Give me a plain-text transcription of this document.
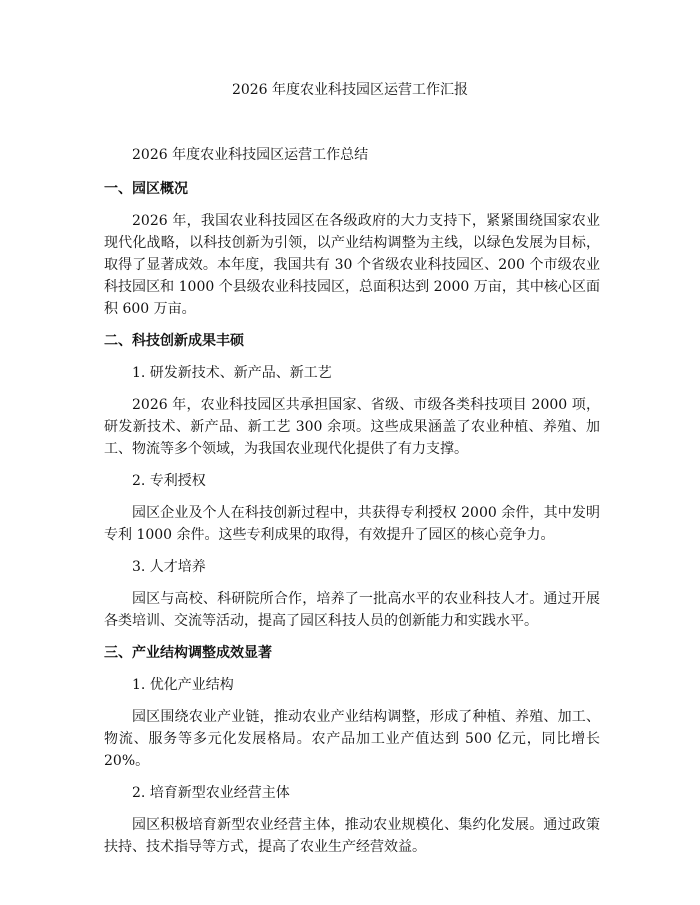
2026 年度农业科技园区运营工作汇报

2026 年度农业科技园区运营工作总结

一、园区概况

2026 年，我国农业科技园区在各级政府的大力支持下，紧紧围绕国家农业现代化战略，以科技创新为引领，以产业结构调整为主线，以绿色发展为目标，取得了显著成效。本年度，我国共有 30 个省级农业科技园区、200 个市级农业科技园区和 1000 个县级农业科技园区，总面积达到 2000 万亩，其中核心区面积 600 万亩。

二、科技创新成果丰硕

1. 研发新技术、新产品、新工艺

2026 年，农业科技园区共承担国家、省级、市级各类科技项目 2000 项，研发新技术、新产品、新工艺 300 余项。这些成果涵盖了农业种植、养殖、加工、物流等多个领域，为我国农业现代化提供了有力支撑。

2. 专利授权

园区企业及个人在科技创新过程中，共获得专利授权 2000 余件，其中发明专利 1000 余件。这些专利成果的取得，有效提升了园区的核心竞争力。

3. 人才培养

园区与高校、科研院所合作，培养了一批高水平的农业科技人才。通过开展各类培训、交流等活动，提高了园区科技人员的创新能力和实践水平。

三、产业结构调整成效显著

1. 优化产业结构

园区围绕农业产业链，推动农业产业结构调整，形成了种植、养殖、加工、物流、服务等多元化发展格局。农产品加工业产值达到 500 亿元，同比增长 20%。

2. 培育新型农业经营主体

园区积极培育新型农业经营主体，推动农业规模化、集约化发展。通过政策扶持、技术指导等方式，提高了农业生产经营效益。
